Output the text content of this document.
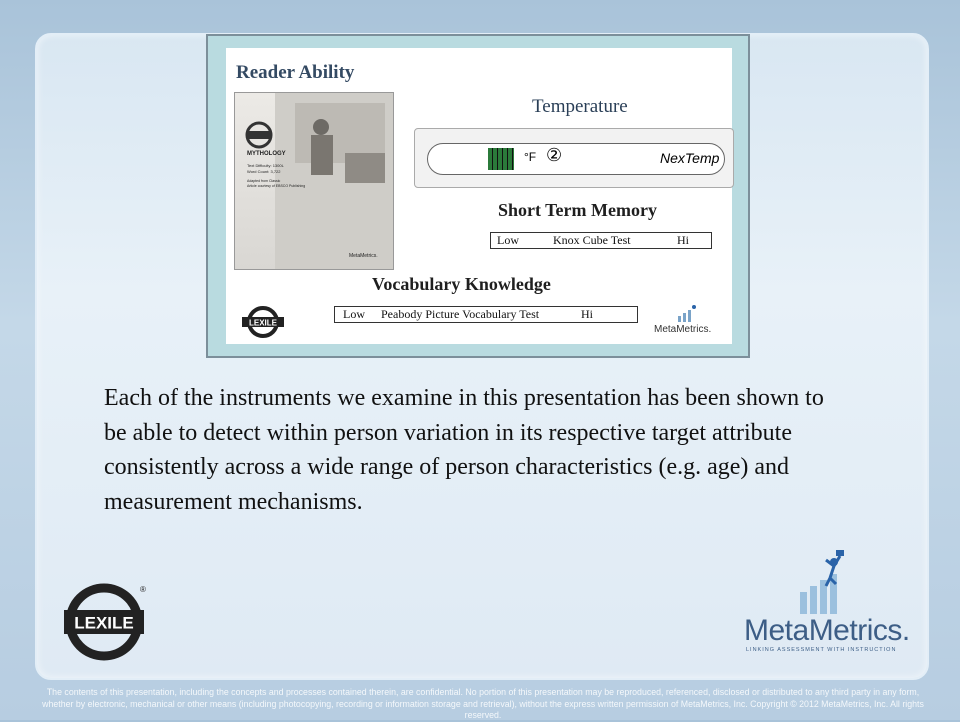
Reader Ability
MYTHOLOGY
Text Difficulty: 1300L
Word Count: 3,722
Adapted from Classic
Article courtesy of EBSCO Publishing
MetaMetrics.
Temperature
°F ②	NexTemp
Short Term Memory
Low	Knox Cube Test	Hi
Vocabulary Knowledge
Low Peabody Picture Vocabulary Test	Hi
LEXILE
MetaMetrics.
Each of the instruments we examine in this presentation has been shown to be able to detect within person variation in its respective target attribute consistently across a wide range of person characteristics (e.g. age) and measurement mechanisms.
LEXILE
®
MetaMetrics.
LINKING ASSESSMENT WITH INSTRUCTION
The contents of this presentation, including the concepts and processes contained therein, are confidential. No portion of this presentation may be reproduced, referenced, disclosed or distributed to any third party in any form, whether by electronic, mechanical or other means (including photocopying, recording or information storage and retrieval), without the express written permission of MetaMetrics, Inc. Copyright © 2012 MetaMetrics, Inc. All rights reserved.
